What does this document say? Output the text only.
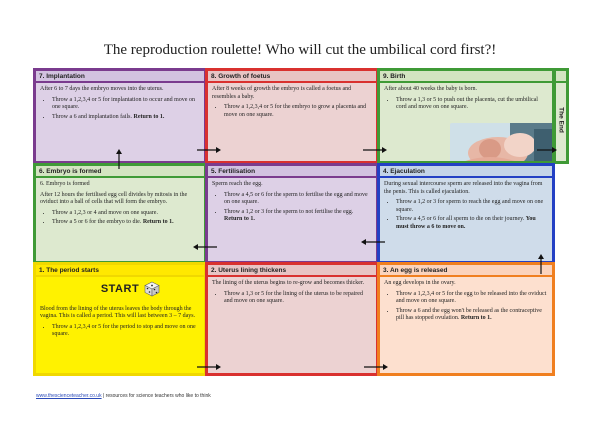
The reproduction roulette! Who will cut the umbilical cord first?!
7. Implantation

After 6 to 7 days the embryo moves into the uterus.

• Throw a 1,2,3,4 or 5 for implantation to occur and move on one square.
• Throw a 6 and implantation fails. Return to 1.
8. Growth of foetus

After 8 weeks of growth the embryo is called a foetus and resembles a baby.

• Throw a 1,2,3,4 or 5 for the embryo to grow a placenta and move on one square.
9. Birth

After about 40 weeks the baby is born.

• Throw a 1,3 or 5 to push out the placenta, cut the umbilical cord and move on one square.	The End
6. Embryo is formed

6. Embryo is formed

After 12 hours the fertilised egg cell divides by mitosis in the oviduct into a ball of cells that will form the embryo.

• Throw a 1,2,3 or 4 and move on one square.
• Throw a 5 or 6 for the embryo to die. Return to 1.
5. Fertilisation

Sperm reach the egg.

• Throw a 4,5 or 6 for the sperm to fertilise the egg and move on one square.
• Throw a 1,2 or 3 for the sperm to not fertilise the egg. Return to 1.
4. Ejaculation

During sexual intercourse sperm are released into the vagina from the penis. This is called ejaculation.

• Throw a 1,2 or 3 for sperm to reach the egg and move on one square.
• Throw a 4,5 or 6 for all sperm to die on their journey. You must throw a 6 to move on.
1. The period starts
START

Blood from the lining of the uterus leaves the body through the vagina. This is called a period. This will last between 3 – 7 days.

• Throw a 1,2,3,4 or 5 for the period to stop and move on one square.
2. Uterus lining thickens

The lining of the uterus begins to re-grow and becomes thicker.

• Throw a 1,3 or 5 for the lining of the uterus to be repaired and move on one square.
3. An egg is released

An egg develops in the ovary.

• Throw a 1,2,3,4 or 5 for the egg to be released into the oviduct and move on one square.
• Throw a 6 and the egg won't be released as the contraceptive pill has stopped ovulation. Return to 1.
www.thescienceteacher.co.uk | resources for science teachers who like to think
